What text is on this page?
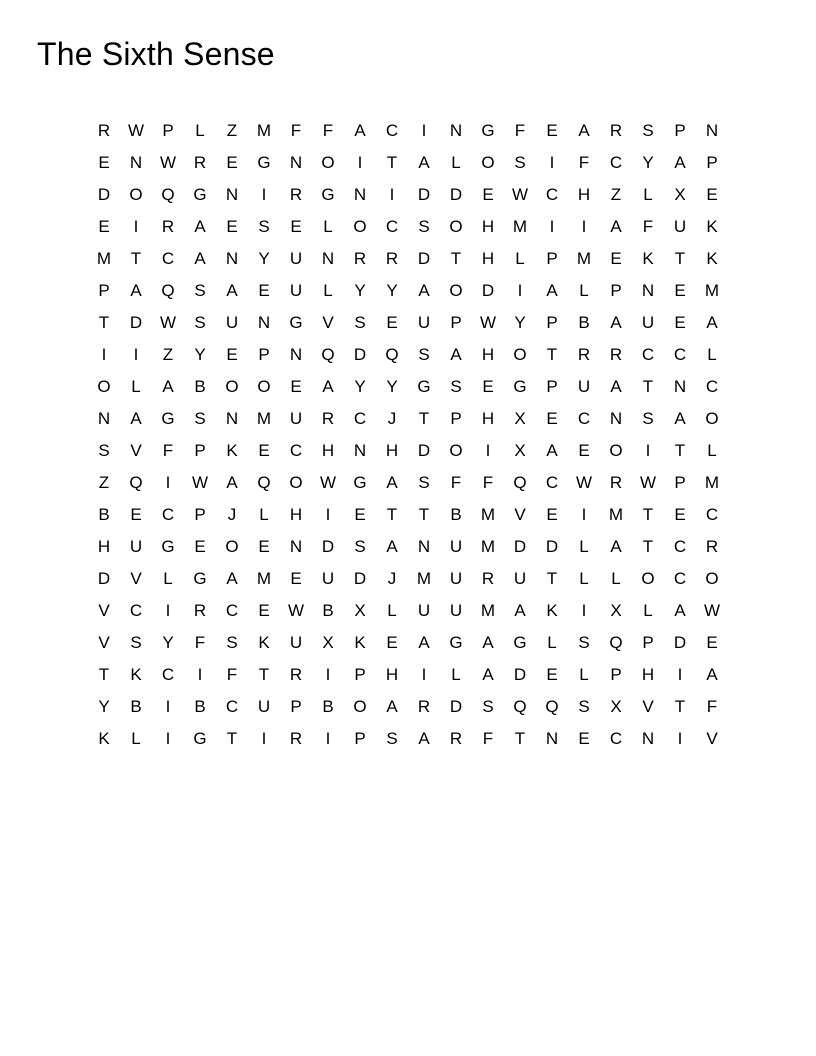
The Sixth Sense
R	W	P	L	Z	M	F	F	A	C	I	N	G	F	E	A	R	S	P	N
E	N	W	R	E	G	N	O	I	T	A	L	O	S	I	F	C	Y	A	P
D	O	Q	G	N	I	R	G	N	I	D	D	E	W	C	H	Z	L	X	E
E	I	R	A	E	S	E	L	O	C	S	O	H	M	I	I	A	F	U	K
M	T	C	A	N	Y	U	N	R	R	D	T	H	L	P	M	E	K	T	K
P	A	Q	S	A	E	U	L	Y	Y	A	O	D	I	A	L	P	N	E	M
T	D	W	S	U	N	G	V	S	E	U	P	W	Y	P	B	A	U	E	A
I	I	Z	Y	E	P	N	Q	D	Q	S	A	H	O	T	R	R	C	C	L
O	L	A	B	O	O	E	A	Y	Y	G	S	E	G	P	U	A	T	N	C
N	A	G	S	N	M	U	R	C	J	T	P	H	X	E	C	N	S	A	O
S	V	F	P	K	E	C	H	N	H	D	O	I	X	A	E	O	I	T	L
Z	Q	I	W	A	Q	O	W	G	A	S	F	F	Q	C	W	R	W	P	M
B	E	C	P	J	L	H	I	E	T	T	B	M	V	E	I	M	T	E	C
H	U	G	E	O	E	N	D	S	A	N	U	M	D	D	L	A	T	C	R
D	V	L	G	A	M	E	U	D	J	M	U	R	U	T	L	L	O	C	O
V	C	I	R	C	E	W	B	X	L	U	U	M	A	K	I	X	L	A	W
V	S	Y	F	S	K	U	X	K	E	A	G	A	G	L	S	Q	P	D	E
T	K	C	I	F	T	R	I	P	H	I	L	A	D	E	L	P	H	I	A
Y	B	I	B	C	U	P	B	O	A	R	D	S	Q	Q	S	X	V	T	F
K	L	I	G	T	I	R	I	P	S	A	R	F	T	N	E	C	N	I	V
